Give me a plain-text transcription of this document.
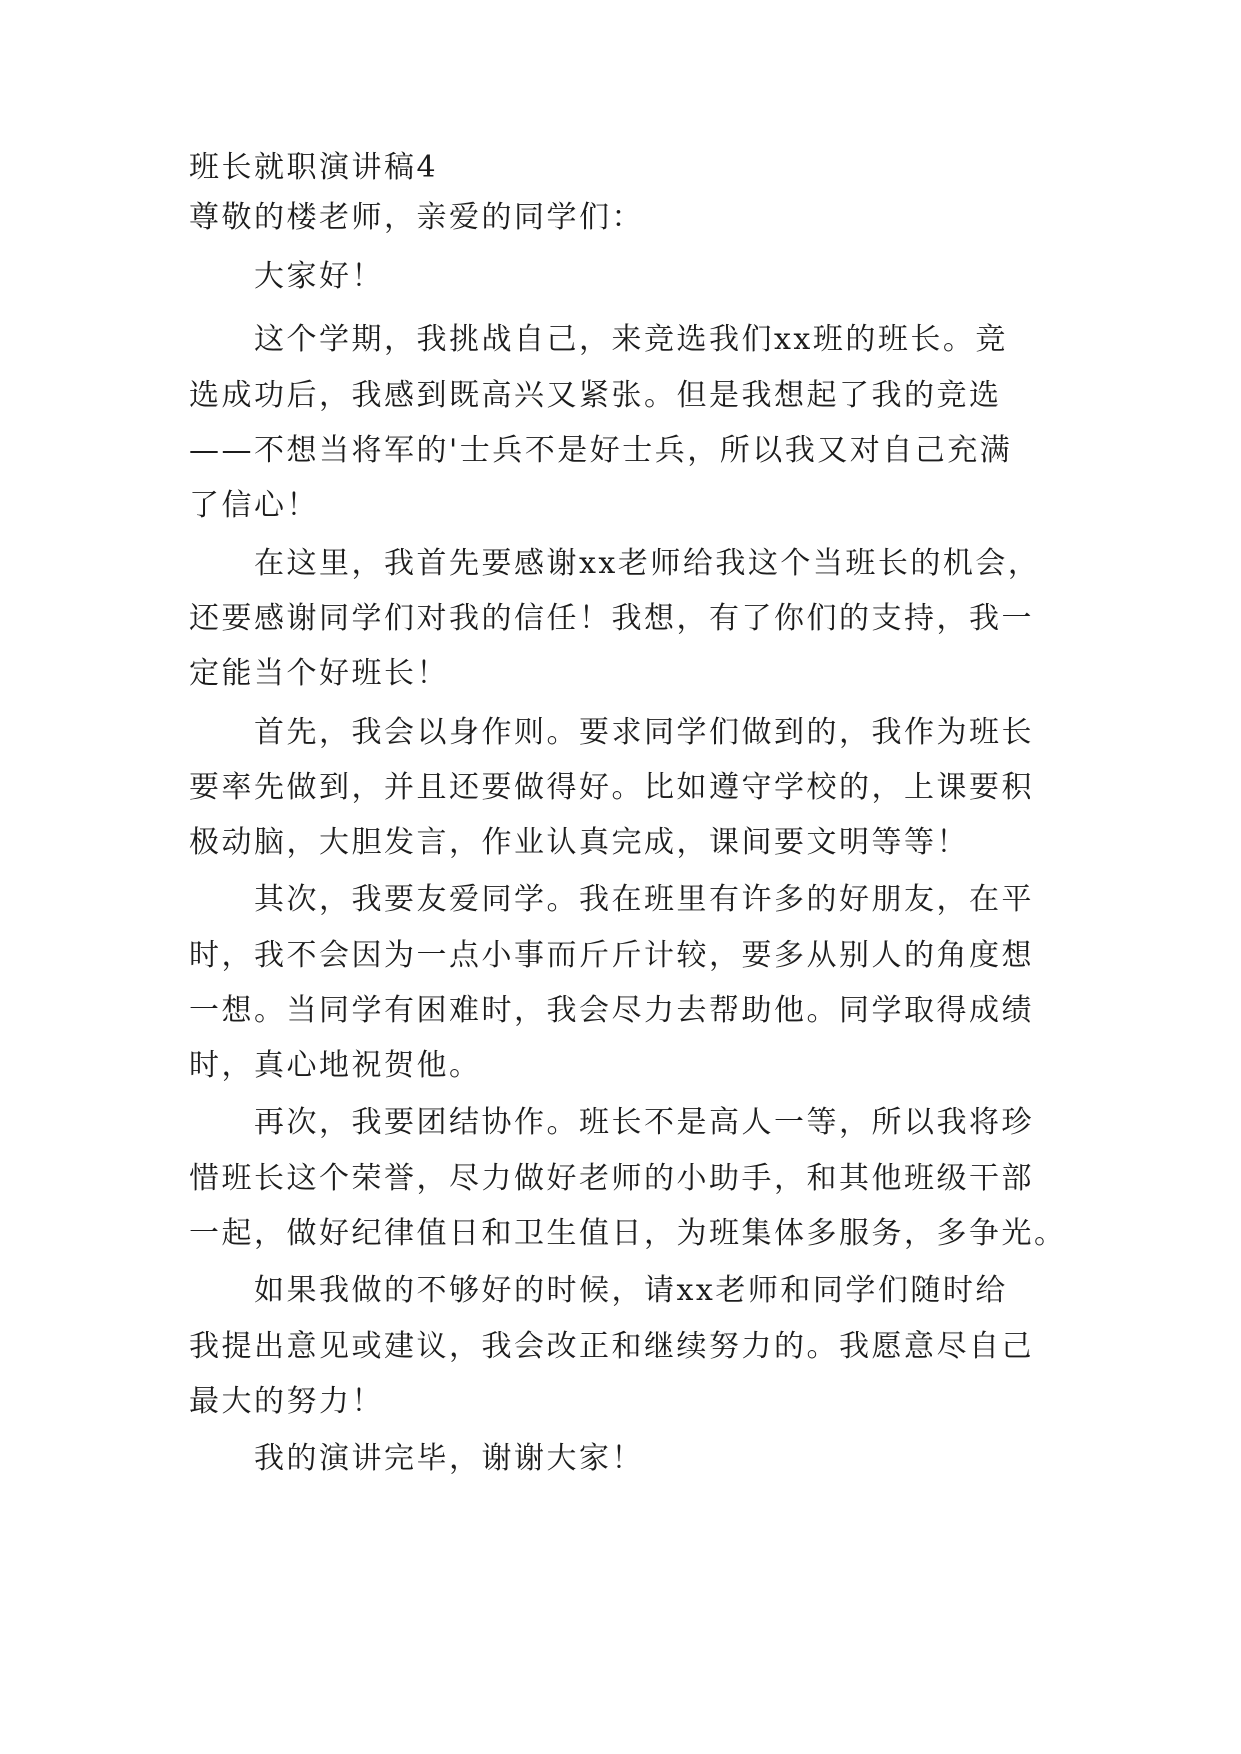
班长就职演讲稿4
尊敬的楼老师，亲爱的同学们：
大家好！
这个学期，我挑战自己，来竞选我们xx班的班长。竞
选成功后，我感到既高兴又紧张。但是我想起了我的竞选
——不想当将军的'士兵不是好士兵，所以我又对自己充满
了信心！
在这里，我首先要感谢xx老师给我这个当班长的机会，
还要感谢同学们对我的信任！我想，有了你们的支持，我一
定能当个好班长！
首先，我会以身作则。要求同学们做到的，我作为班长
要率先做到，并且还要做得好。比如遵守学校的，上课要积
极动脑，大胆发言，作业认真完成，课间要文明等等！
其次，我要友爱同学。我在班里有许多的好朋友，在平
时，我不会因为一点小事而斤斤计较，要多从别人的角度想
一想。当同学有困难时，我会尽力去帮助他。同学取得成绩
时，真心地祝贺他。
再次，我要团结协作。班长不是高人一等，所以我将珍
惜班长这个荣誉，尽力做好老师的小助手，和其他班级干部
一起，做好纪律值日和卫生值日，为班集体多服务，多争光。
如果我做的不够好的时候，请xx老师和同学们随时给
我提出意见或建议，我会改正和继续努力的。我愿意尽自己
最大的努力！
我的演讲完毕，谢谢大家！
